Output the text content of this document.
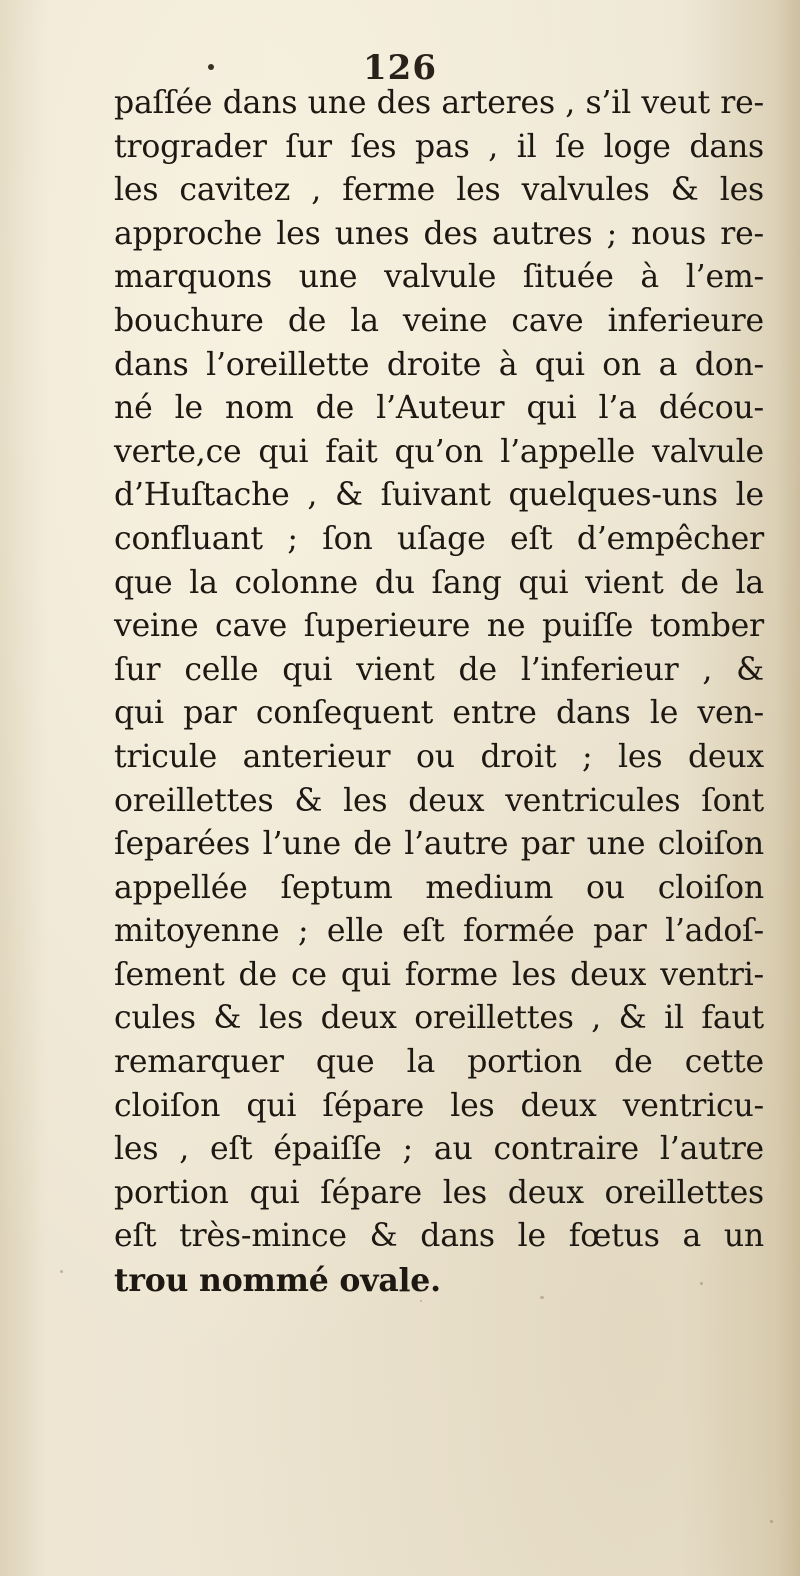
126
paſſée dans une des arteres , s’il veut re-
trograder ſur ſes pas , il ſe loge dans
les cavitez , ferme les valvules & les
approche les unes des autres ; nous re-
marquons une valvule ſituée à l’em-
bouchure de la veine cave inferieure
dans l’oreillette droite à qui on a don-
né le nom de l’Auteur qui l’a décou-
verte,ce qui fait qu’on l’appelle valvule
d’Huſtache , & ſuivant quelques-uns le
confluant ; ſon uſage eſt d’empêcher
que la colonne du ſang qui vient de la
veine cave ſuperieure ne puiſſe tomber
ſur celle qui vient de l’inferieur , &
qui par conſequent entre dans le ven-
tricule anterieur ou droit ; les deux
oreillettes & les deux ventricules ſont
ſeparées l’une de l’autre par une cloiſon
appellée ſeptum medium ou cloiſon
mitoyenne ; elle eſt formée par l’adoſ-
ſement de ce qui forme les deux ventri-
cules & les deux oreillettes , & il faut
remarquer que la portion de cette
cloiſon qui ſépare les deux ventricu-
les , eſt épaiſſe ; au contraire l’autre
portion qui ſépare les deux oreillettes
eſt très-mince & dans le fœtus a un
trou nommé ovale.
